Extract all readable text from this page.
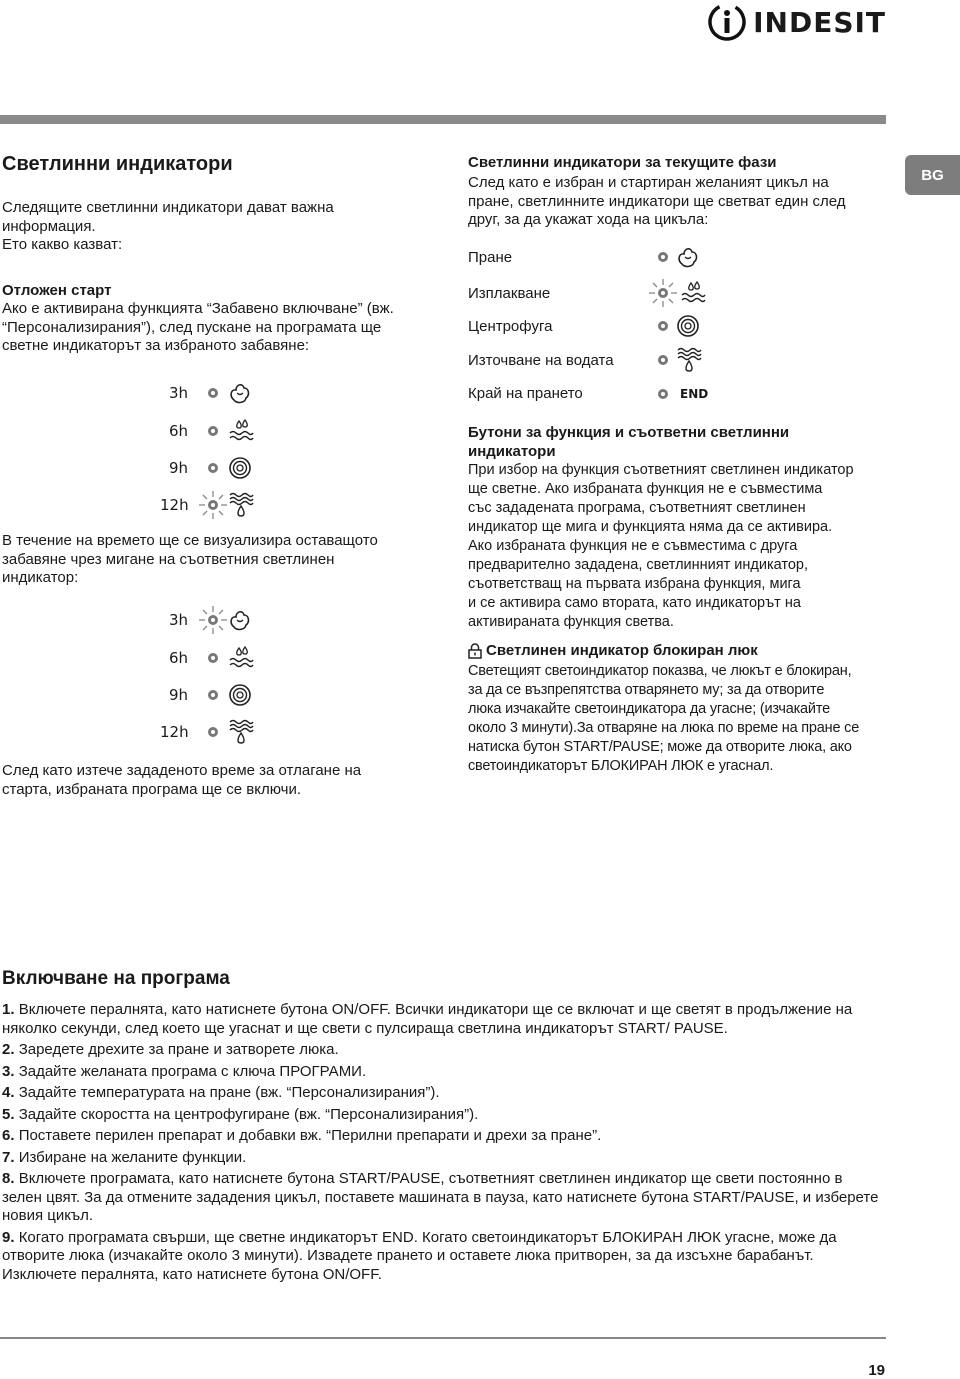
INDESIT
BG
Светлинни индикатори
Следящите светлинни индикатори дават важна
информация.
Ето какво казват:
Отложен старт
Ако е активирана функцията “Забавено включване” (вж.
“Персонализирания”), след пускане на програмата ще
светне индикаторът за избраното забавяне:
3h
6h
9h
12h
В течение на времето ще се визуализира оставащото
забавяне чрез мигане на съответния светлинен
индикатор:
3h
6h
9h
12h
След като изтече зададеното време за отлагане на
старта, избраната програма ще се включи.
Светлинни индикатори за текущите фази
След като е избран и стартиран желаният цикъл на
пране, светлинните индикатори ще светват един след
друг, за да укажат хода на цикъла:
Пране
Изплакване
Центрофуга
Източване на водата
Край на прането	END
Бутони за функция и съответни светлинни
индикатори
При избор на функция съответният светлинен индикатор
ще светне. Ако избраната функция не е съвместима
със зададената програма, съответният светлинен
индикатор ще мига и функцията няма да се активира.
Ако избраната функция не е съвместима с друга
предварително зададена, светлинният индикатор,
съответстващ на първата избрана функция, мига
и се активира само втората, като индикаторът на
активираната функция светва.
Светлинен индикатор блокиран люк
Светещият светоиндикатор показва, че люкът е блокиран,
за да се възпрепятства отварянето му; за да отворите
люка изчакайте светоиндикатора да угасне; (изчакайте
около 3 минути).За отваряне на люка по време на пране се
натиска бутон START/PAUSE; може да отворите люка, ако
светоиндикаторът БЛОКИРАН ЛЮК е угаснал.
Включване на програма

1. Включете пералнята, като натиснете бутона ON/OFF. Всички индикатори ще се включат и ще светят в продължение на няколко секунди, след което ще угаснат и ще свети с пулсираща светлина индикаторът START/ PAUSE.

2. Заредете дрехите за пране и затворете люка.

3. Задайте желаната програма с ключа ПРОГРАМИ.

4. Задайте температурата на пране (вж. “Персонализирания”).

5. Задайте скоростта на центрофугиране (вж. “Персонализирания”).

6. Поставете перилен препарат и добавки вж. “Перилни препарати и дрехи за пране”.

7. Избиране на желаните функции.

8. Включете програмата, като натиснете бутона START/PAUSE, съответният светлинен индикатор ще свети постоянно в зелен цвят. За да отмените зададения цикъл, поставете машината в пауза, като натиснете бутона START/PAUSE, и изберете новия цикъл.

9. Когато програмата свърши, ще светне индикаторът END. Когато светоиндикаторът БЛОКИРАН ЛЮК угасне, може да отворите люка (изчакайте около 3 минути). Извадете прането и оставете люка притворен, за да изсъхне барабанът. Изключете пералнята, като натиснете бутона ON/OFF.

19
